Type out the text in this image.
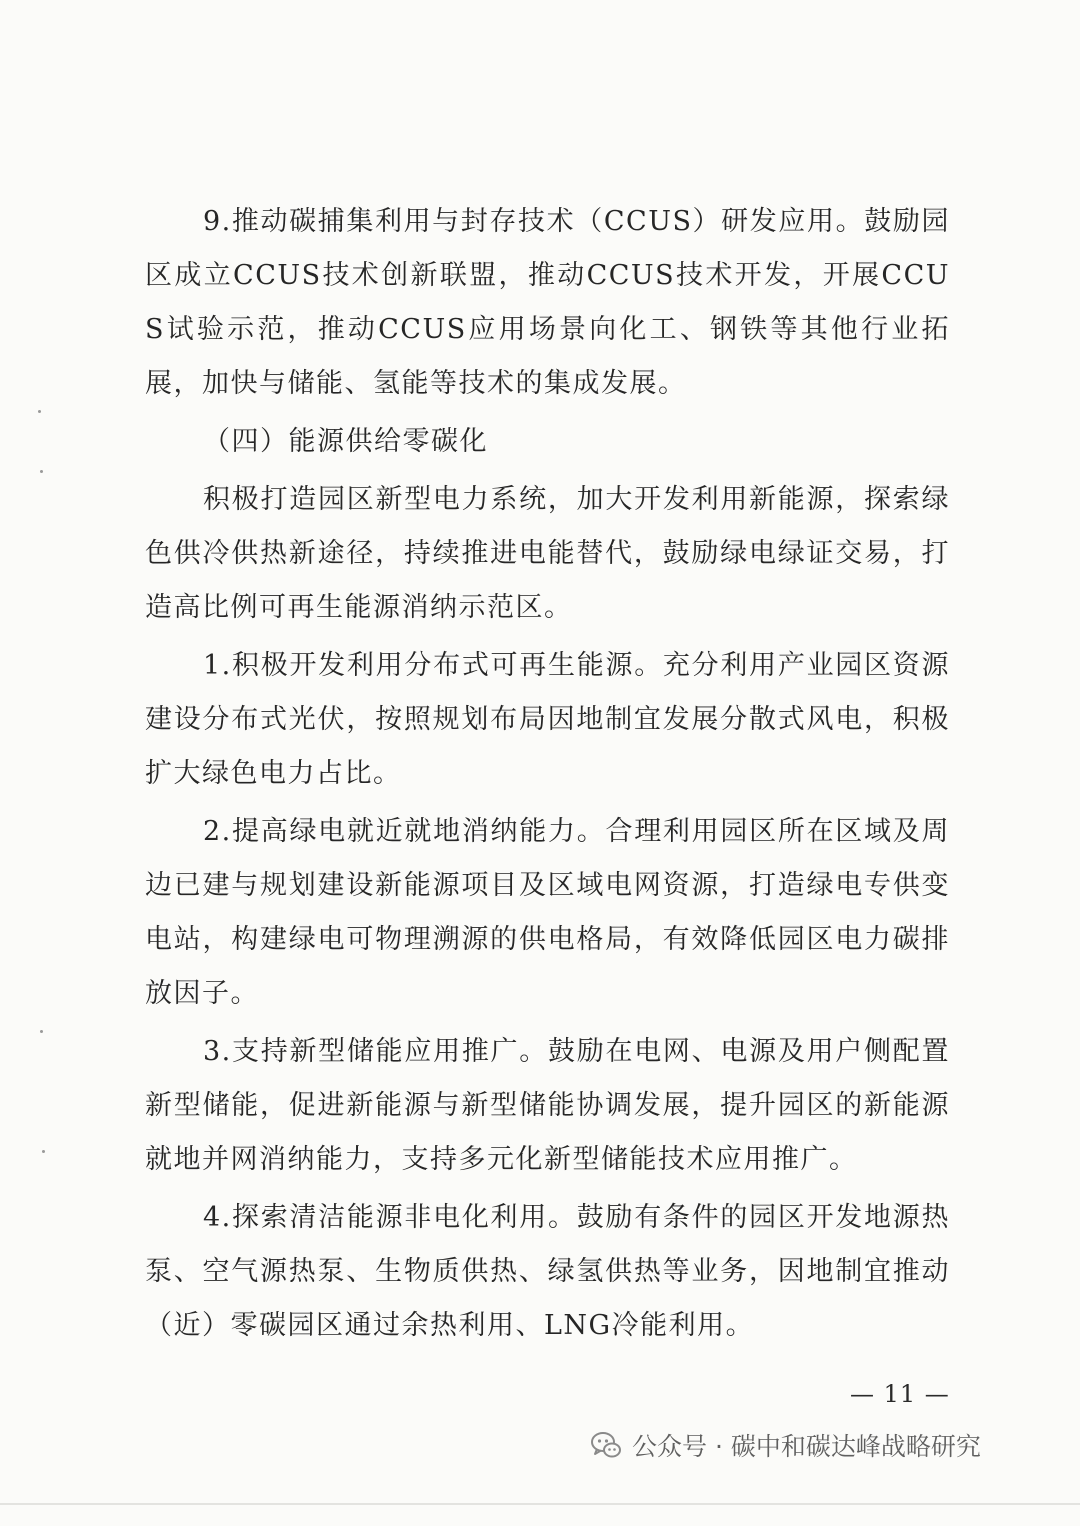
9.推动碳捕集利用与封存技术（CCUS）研发应用。鼓励园区成立CCUS技术创新联盟，推动CCUS技术开发，开展CCUS试验示范，推动CCUS应用场景向化工、钢铁等其他行业拓展，加快与储能、氢能等技术的集成发展。

（四）能源供给零碳化

积极打造园区新型电力系统，加大开发利用新能源，探索绿色供冷供热新途径，持续推进电能替代，鼓励绿电绿证交易，打造高比例可再生能源消纳示范区。

1.积极开发利用分布式可再生能源。充分利用产业园区资源建设分布式光伏，按照规划布局因地制宜发展分散式风电，积极扩大绿色电力占比。

2.提高绿电就近就地消纳能力。合理利用园区所在区域及周边已建与规划建设新能源项目及区域电网资源，打造绿电专供变电站，构建绿电可物理溯源的供电格局，有效降低园区电力碳排放因子。

3.支持新型储能应用推广。鼓励在电网、电源及用户侧配置新型储能，促进新能源与新型储能协调发展，提升园区的新能源就地并网消纳能力，支持多元化新型储能技术应用推广。

4.探索清洁能源非电化利用。鼓励有条件的园区开发地源热泵、空气源热泵、生物质供热、绿氢供热等业务，因地制宜推动（近）零碳园区通过余热利用、LNG冷能利用。

— 11 —
公众号 · 碳中和碳达峰战略研究
